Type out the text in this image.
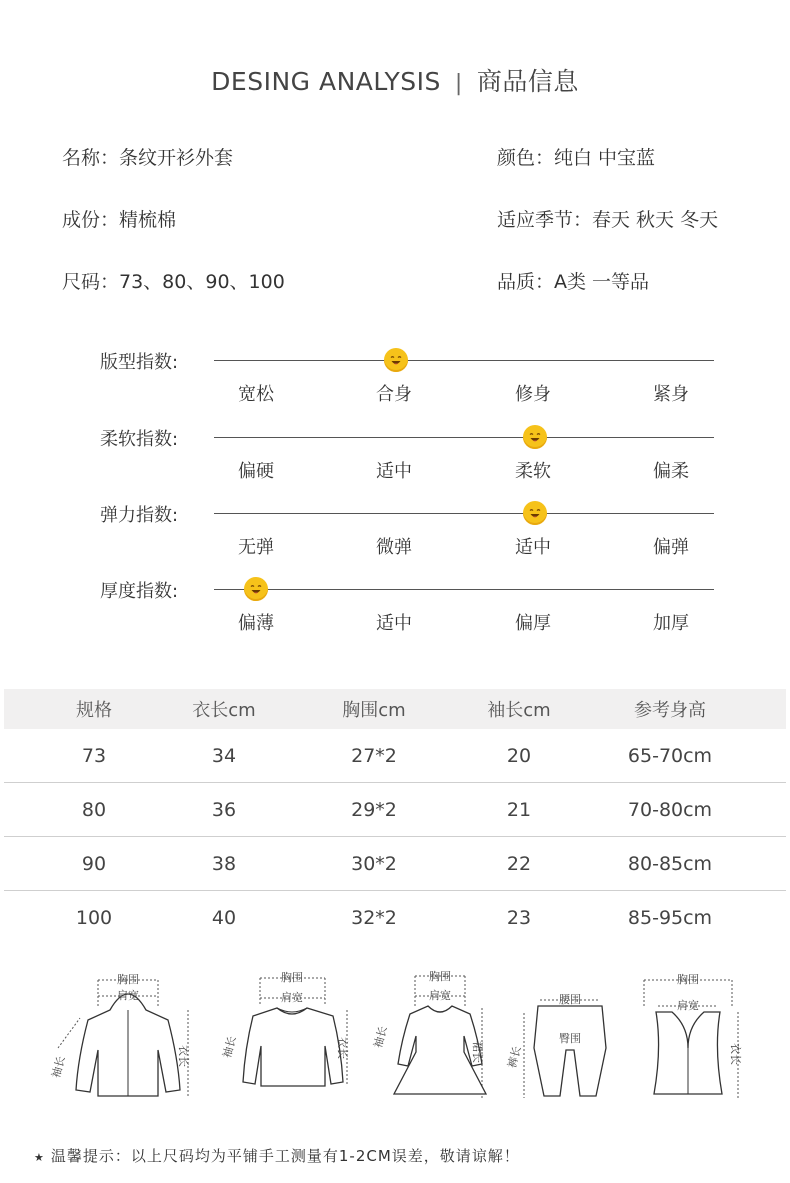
DESING ANALYSIS | 商品信息
名称：条纹开衫外套	颜色：纯白 中宝蓝
成份：精梳棉	适应季节：春天 秋天 冬天
尺码：73、80、90、100	品质：A类 一等品
版型指数:
宽松	合身	修身	紧身
柔软指数:
偏硬	适中	柔软	偏柔
弹力指数:
无弹	微弹	适中	偏弹
厚度指数:
偏薄	适中	偏厚	加厚
规格	衣长cm	胸围cm	袖长cm	参考身高
73	34	27*2	20	65-70cm
80	36	29*2	21	70-80cm
90	38	30*2	22	80-85cm
100	40	32*2	23	85-95cm
胸围
肩宽
袖长	衣长
胸围
肩宽
袖长	衣长
胸围
肩宽
袖长
裙长
腰围
臀围
裤长
胸围
肩宽
衣长
★ 温馨提示：以上尺码均为平铺手工测量有1-2CM误差，敬请谅解！
